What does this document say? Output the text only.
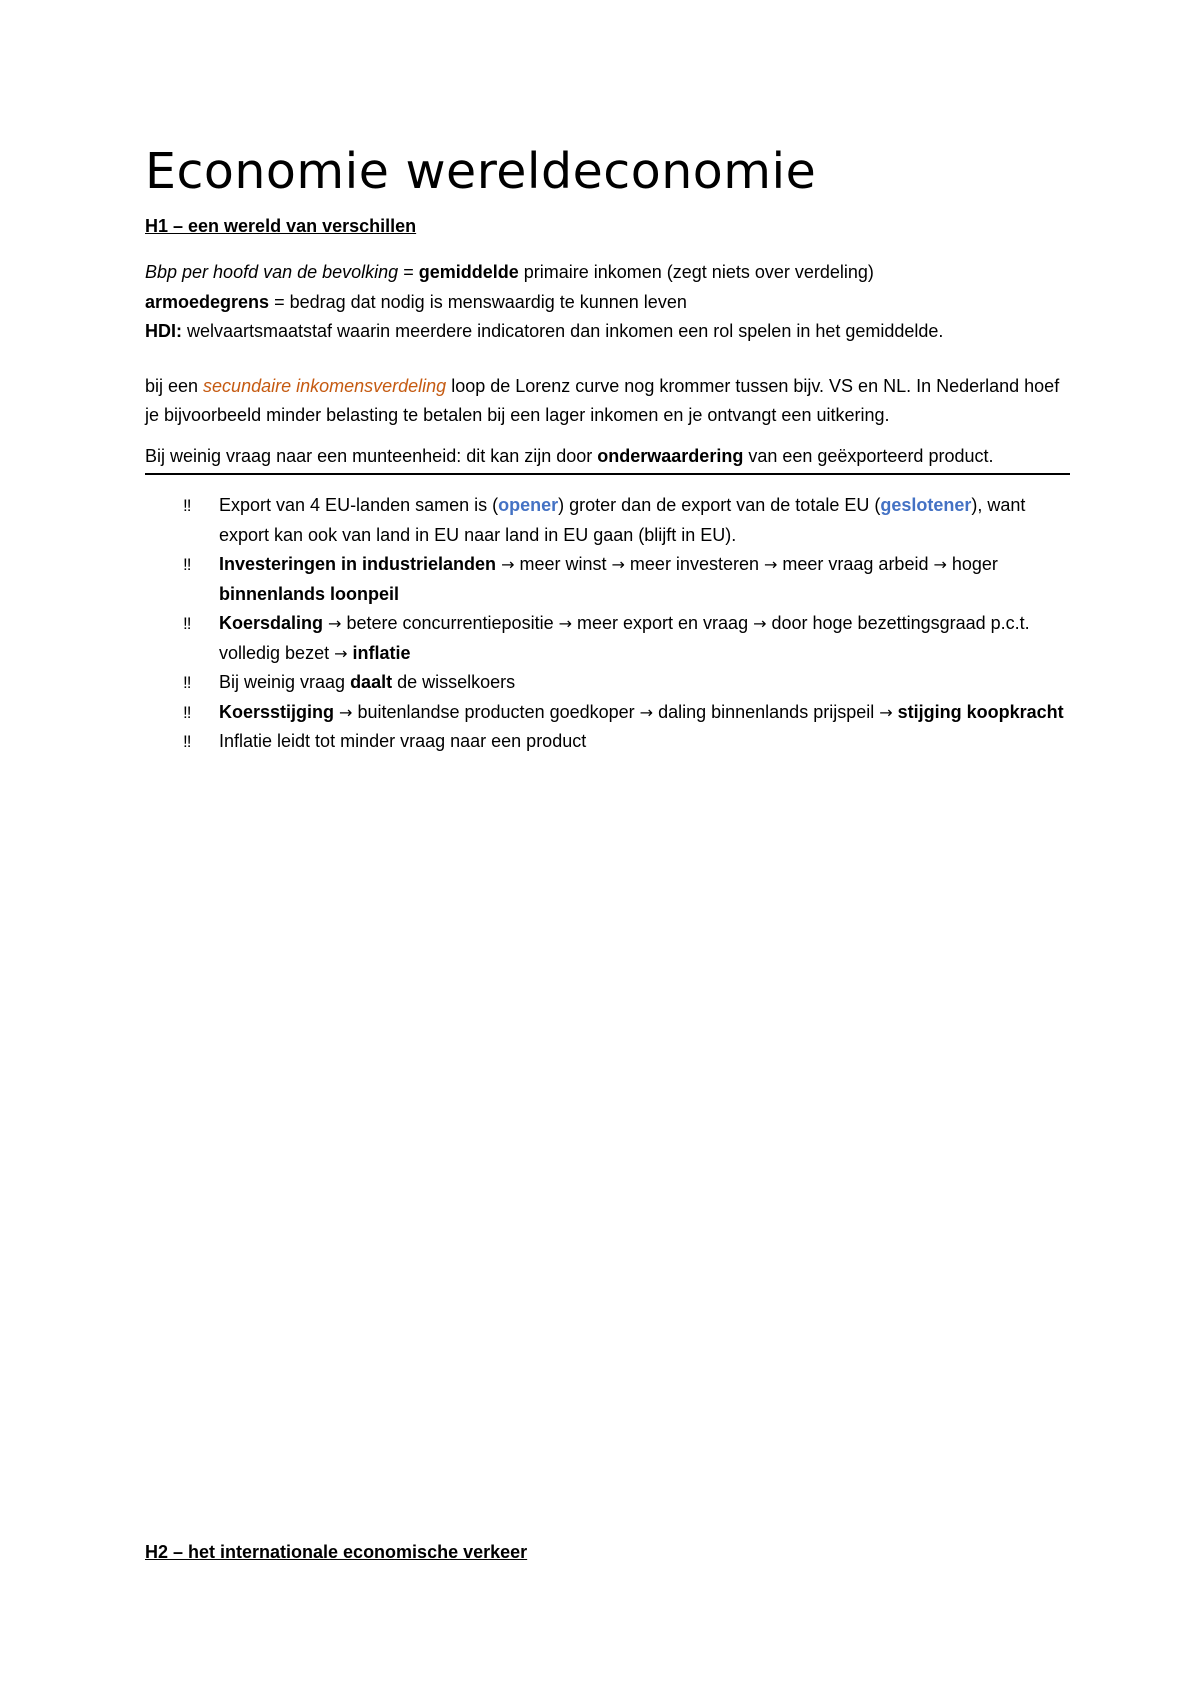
Economie wereldeconomie

H1 – een wereld van verschillen

Bbp per hoofd van de bevolking = gemiddelde primaire inkomen (zegt niets over verdeling)

armoedegrens = bedrag dat nodig is menswaardig te kunnen leven

HDI: welvaartsmaatstaf waarin meerdere indicatoren dan inkomen een rol spelen in het gemiddelde.

bij een secundaire inkomensverdeling loop de Lorenz curve nog krommer tussen bijv. VS en NL. In Nederland hoef je bijvoorbeeld minder belasting te betalen bij een lager inkomen en je ontvangt een uitkering.

Bij weinig vraag naar een munteenheid: dit kan zijn door onderwaardering van een geëxporteerd product.

‼ Export van 4 EU-landen samen is (opener) groter dan de export van de totale EU (geslotener), want export kan ook van land in EU naar land in EU gaan (blijft in EU).
‼ Investeringen in industrielanden → meer winst → meer investeren → meer vraag arbeid → hoger binnenlands loonpeil
‼ Koersdaling → betere concurrentiepositie → meer export en vraag → door hoge bezettingsgraad p.c.t. volledig bezet → inflatie
‼ Bij weinig vraag daalt de wisselkoers
‼ Koersstijging → buitenlandse producten goedkoper → daling binnenlands prijspeil → stijging koopkracht
‼ Inflatie leidt tot minder vraag naar een product

H2 – het internationale economische verkeer
